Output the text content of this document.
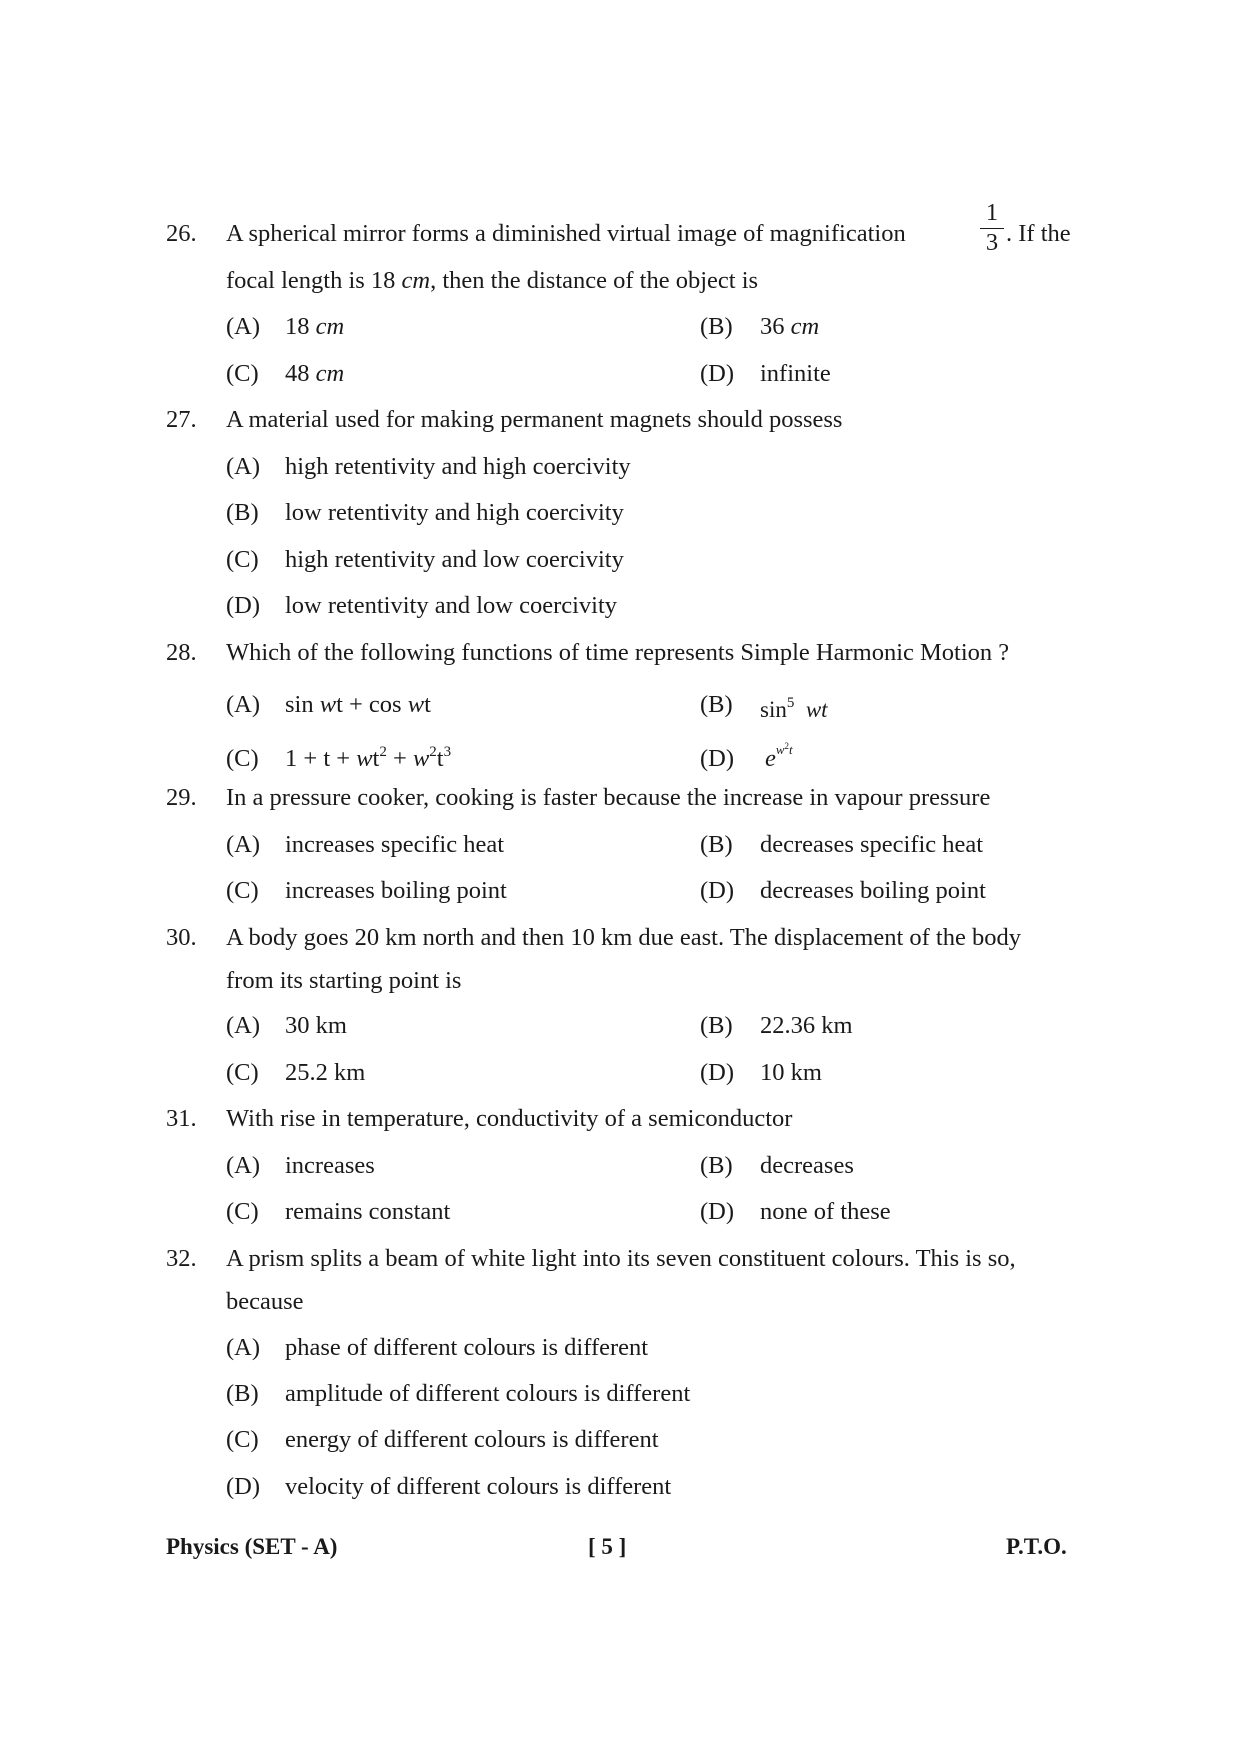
26. A spherical mirror forms a diminished virtual image of magnification
1
3 . If the
focal length is 18 cm, then the distance of the object is
(A) 18 cm	(B) 36 cm
(C) 48 cm	(D) infinite
27. A material used for making permanent magnets should possess
(A) high retentivity and high coercivity
(B) low retentivity and high coercivity
(C) high retentivity and low coercivity
(D) low retentivity and low coercivity
28. Which of the following functions of time represents Simple Harmonic Motion ?
(A) sin wt + cos wt	(B) $\sin^5$ wt
(C) $1 + t + wt^2 + w^2t^3$	(D) $e^{w^2t}$
29. In a pressure cooker, cooking is faster because the increase in vapour pressure
(A) increases specific heat	(B) decreases specific heat
(C) increases boiling point	(D) decreases boiling point
30. A body goes 20 km north and then 10 km due east. The displacement of the body
from its starting point is
(A) 30 km	(B) 22.36 km
(C) 25.2 km	(D) 10 km
31. With rise in temperature, conductivity of a semiconductor
(A) increases	(B) decreases
(C) remains constant	(D) none of these
32. A prism splits a beam of white light into its seven constituent colours. This is so,
because
(A) phase of different colours is different
(B) amplitude of different colours is different
(C) energy of different colours is different
(D) velocity of different colours is different
Physics (SET - A)	[ 5 ]	P.T.O.
